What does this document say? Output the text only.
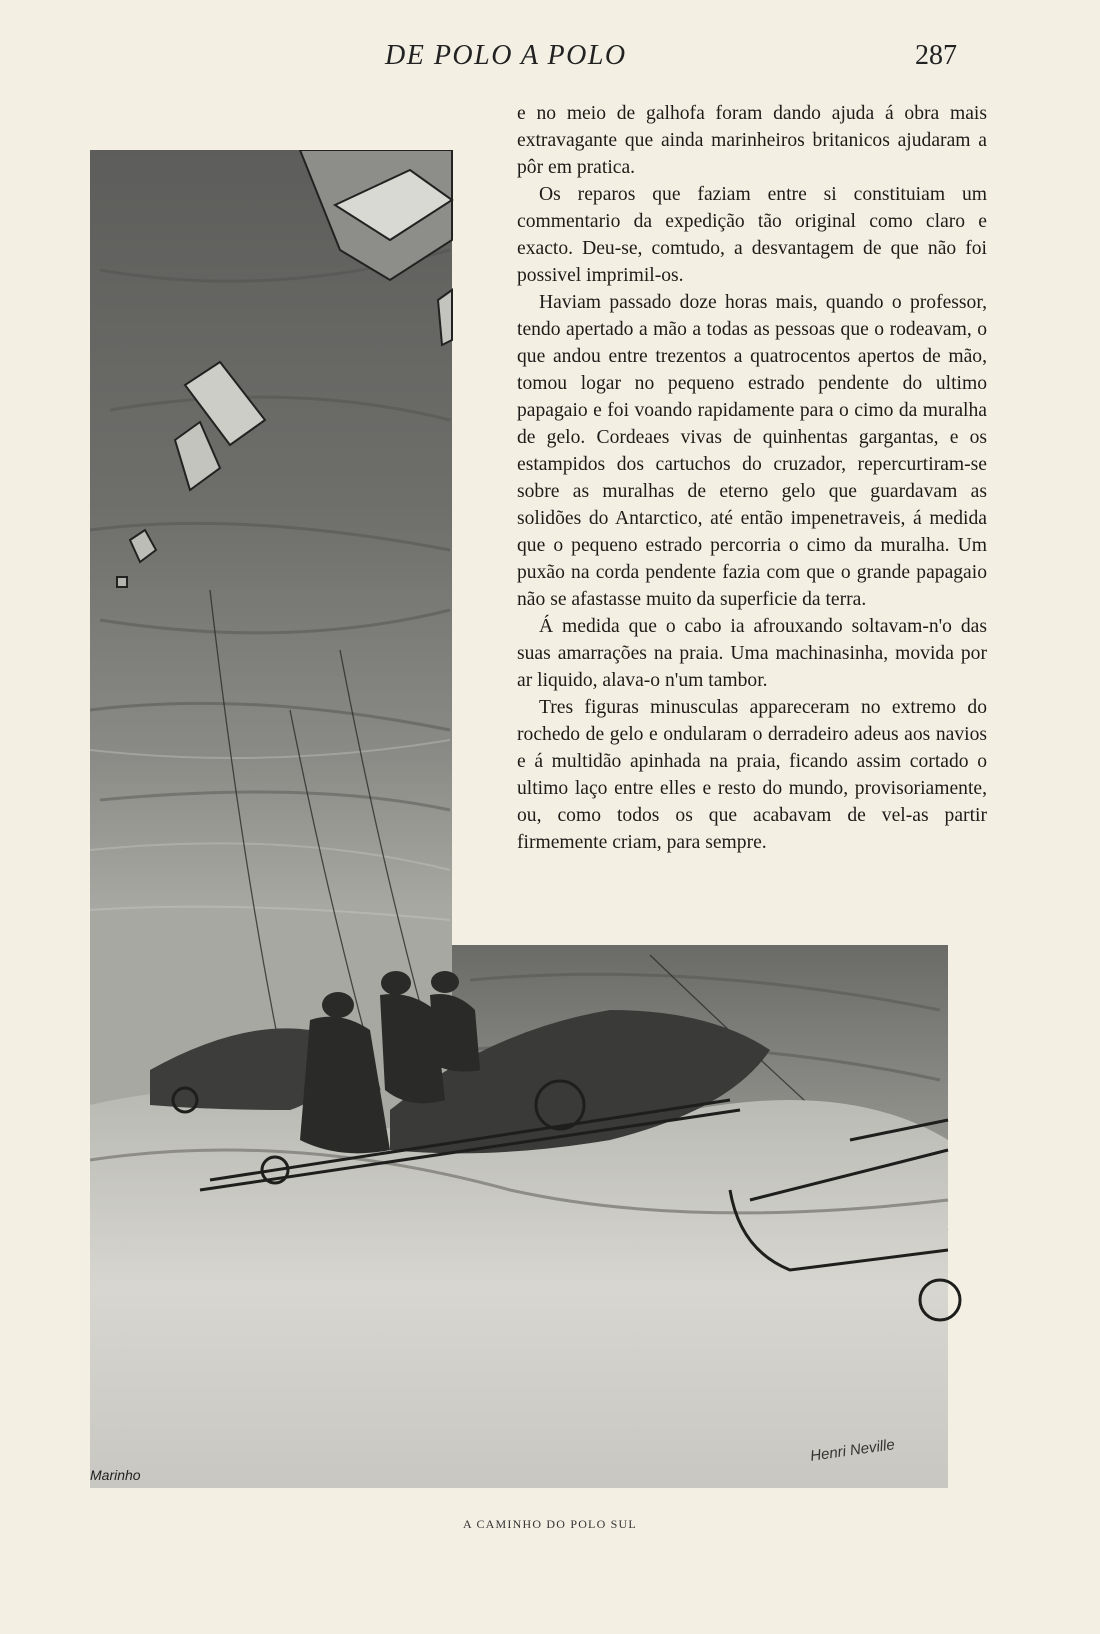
DE POLO A POLO	287
Marinho
Henri Neville

e no meio de galhofa foram dando ajuda á obra mais extravagante que ainda marinheiros britanicos ajudaram a pôr em pratica.

Os reparos que faziam entre si constituiam um commentario da expedição tão original como claro e exacto. Deu-se, comtudo, a desvantagem de que não foi possivel imprimil-os.

Haviam passado doze horas mais, quando o professor, tendo apertado a mão a todas as pessoas que o rodeavam, o que andou entre trezentos a quatrocentos apertos de mão, tomou logar no pequeno estrado pendente do ultimo papagaio e foi voando rapidamente para o cimo da muralha de gelo. Cordeaes vivas de quinhentas gargantas, e os estampidos dos cartuchos do cruzador, repercurtiram-se sobre as muralhas de eterno gelo que guardavam as solidões do Antarctico, até então impenetraveis, á medida que o pequeno estrado percorria o cimo da muralha. Um puxão na corda pendente fazia com que o grande papagaio não se afastasse muito da superficie da terra.

Á medida que o cabo ia afrouxando soltavam-n'o das suas amarrações na praia. Uma machinasinha, movida por ar liquido, alava-o n'um tambor.

Tres figuras minusculas appareceram no extremo do rochedo de gelo e ondularam o derradeiro adeus aos navios e á multidão apinhada na praia, ficando assim cortado o ultimo laço entre elles e resto do mundo, provisoriamente, ou, como todos os que acabavam de vel-as partir firmemente criam, para sempre.

A CAMINHO DO POLO SUL
